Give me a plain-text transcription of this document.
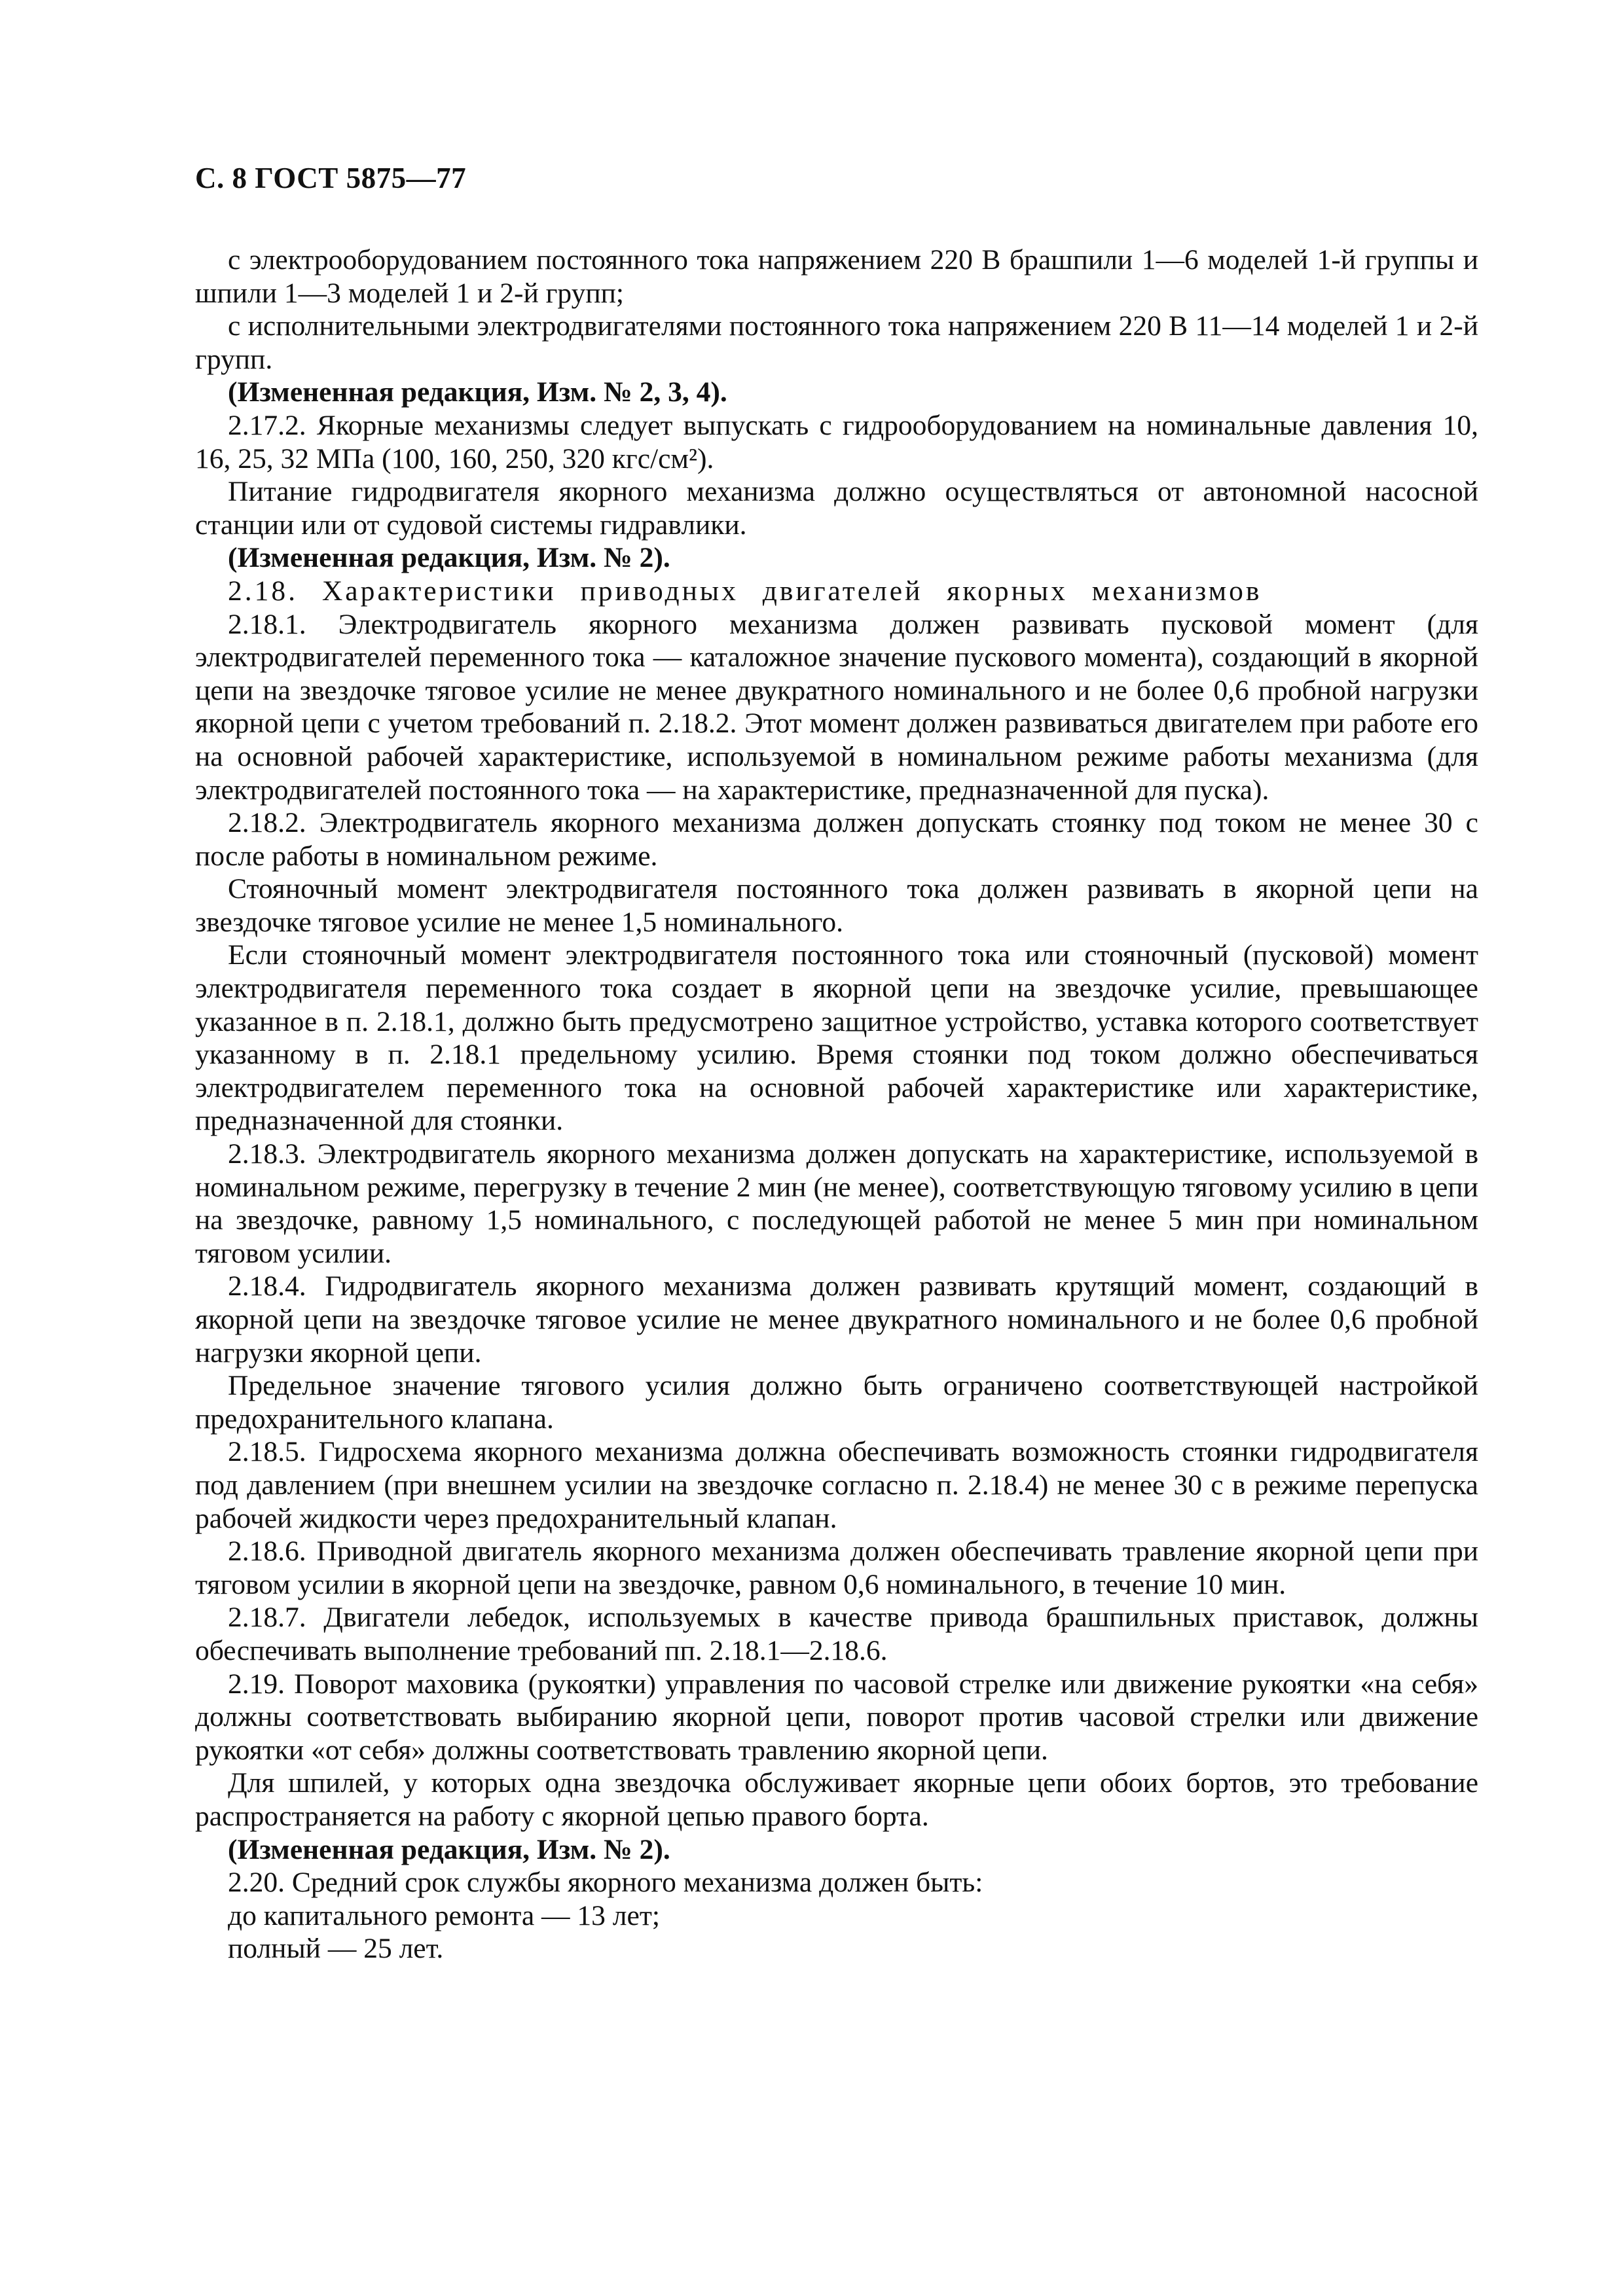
С. 8 ГОСТ 5875—77

с электрооборудованием постоянного тока напряжением 220 В брашпили 1—6 моделей 1-й группы и шпили 1—3 моделей 1 и 2-й групп;

с исполнительными электродвигателями постоянного тока напряжением 220 В 11—14 моделей 1 и 2-й групп.

(Измененная редакция, Изм. № 2, 3, 4).

2.17.2. Якорные механизмы следует выпускать с гидрооборудованием на номинальные давления 10, 16, 25, 32 МПа (100, 160, 250, 320 кгс/см²).

Питание гидродвигателя якорного механизма должно осуществляться от автономной насосной станции или от судовой системы гидравлики.

(Измененная редакция, Изм. № 2).

2.18. Характеристики приводных двигателей якорных механизмов

2.18.1. Электродвигатель якорного механизма должен развивать пусковой момент (для электродвигателей переменного тока — каталожное значение пускового момента), создающий в якорной цепи на звездочке тяговое усилие не менее двукратного номинального и не более 0,6 пробной нагрузки якорной цепи с учетом требований п. 2.18.2. Этот момент должен развиваться двигателем при работе его на основной рабочей характеристике, используемой в номинальном режиме работы механизма (для электродвигателей постоянного тока — на характеристике, предназначенной для пуска).

2.18.2. Электродвигатель якорного механизма должен допускать стоянку под током не менее 30 с после работы в номинальном режиме.

Стояночный момент электродвигателя постоянного тока должен развивать в якорной цепи на звездочке тяговое усилие не менее 1,5 номинального.

Если стояночный момент электродвигателя постоянного тока или стояночный (пусковой) момент электродвигателя переменного тока создает в якорной цепи на звездочке усилие, превышающее указанное в п. 2.18.1, должно быть предусмотрено защитное устройство, уставка которого соответствует указанному в п. 2.18.1 предельному усилию. Время стоянки под током должно обеспечиваться электродвигателем переменного тока на основной рабочей характеристике или характеристике, предназначенной для стоянки.

2.18.3. Электродвигатель якорного механизма должен допускать на характеристике, используемой в номинальном режиме, перегрузку в течение 2 мин (не менее), соответствующую тяговому усилию в цепи на звездочке, равному 1,5 номинального, с последующей работой не менее 5 мин при номинальном тяговом усилии.

2.18.4. Гидродвигатель якорного механизма должен развивать крутящий момент, создающий в якорной цепи на звездочке тяговое усилие не менее двукратного номинального и не более 0,6 пробной нагрузки якорной цепи.

Предельное значение тягового усилия должно быть ограничено соответствующей настройкой предохранительного клапана.

2.18.5. Гидросхема якорного механизма должна обеспечивать возможность стоянки гидродвигателя под давлением (при внешнем усилии на звездочке согласно п. 2.18.4) не менее 30 с в режиме перепуска рабочей жидкости через предохранительный клапан.

2.18.6. Приводной двигатель якорного механизма должен обеспечивать травление якорной цепи при тяговом усилии в якорной цепи на звездочке, равном 0,6 номинального, в течение 10 мин.

2.18.7. Двигатели лебедок, используемых в качестве привода брашпильных приставок, должны обеспечивать выполнение требований пп. 2.18.1—2.18.6.

2.19. Поворот маховика (рукоятки) управления по часовой стрелке или движение рукоятки «на себя» должны соответствовать выбиранию якорной цепи, поворот против часовой стрелки или движение рукоятки «от себя» должны соответствовать травлению якорной цепи.

Для шпилей, у которых одна звездочка обслуживает якорные цепи обоих бортов, это требование распространяется на работу с якорной цепью правого борта.

(Измененная редакция, Изм. № 2).

2.20. Средний срок службы якорного механизма должен быть:

до капитального ремонта — 13 лет;

полный — 25 лет.
